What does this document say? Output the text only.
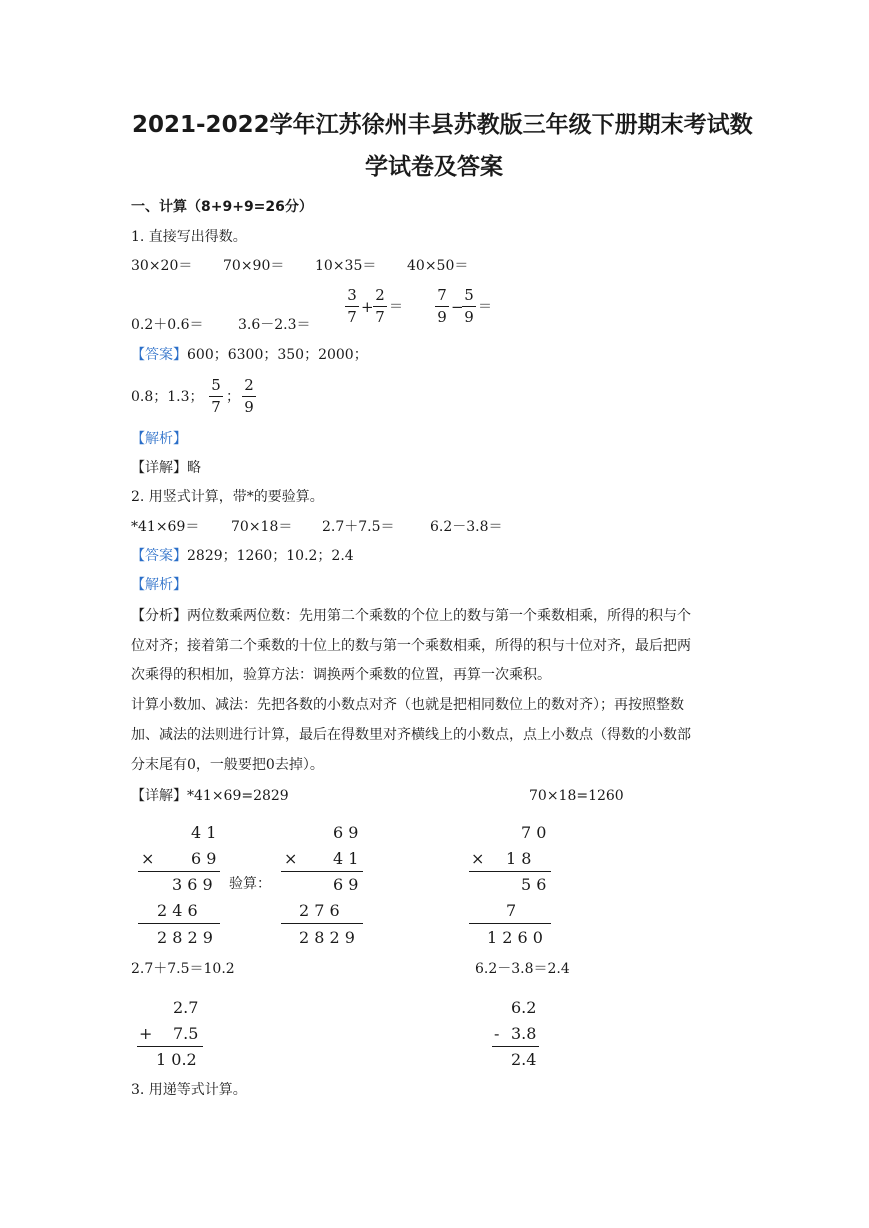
2021-2022学年江苏徐州丰县苏教版三年级下册期末考试数
学试卷及答案
一、计算（8+9+9=26分）
1. 直接写出得数。
30×20＝ 70×90＝ 10×35＝ 40×50＝
0.2＋0.6＝ 3.6－2.3＝
3
7
+
2
7
＝
7
9
−
5
9
＝
【答案】600；6300；350；2000；
0.8；1.3；
5
7
；
2
9
【解析】
【详解】略
2. 用竖式计算，带*的要验算。
*41×69＝ 70×18＝ 2.7＋7.5＝	6.2－3.8＝
【答案】2829；1260；10.2；2.4
【解析】
【分析】两位数乘两位数：先用第二个乘数的个位上的数与第一个乘数相乘，所得的积与个
位对齐；接着第二个乘数的十位上的数与第一个乘数相乘，所得的积与十位对齐，最后把两
次乘得的积相加，验算方法：调换两个乘数的位置，再算一次乘积。
计算小数加、减法：先把各数的小数点对齐（也就是把相同数位上的数对齐）；再按照整数
加、减法的法则进行计算，最后在得数里对齐横线上的小数点，点上小数点（得数的小数部
分末尾有0，一般要把0去掉）。
【详解】*41×69=2829	70×18=1260
4 1
× 6 9
3 6 9
2 4 6
2 8 2 9
验算：
6 9
× 4 1
6 9
2 7 6
2 8 2 9
7 0
× 1 8
5 6
7
1 2 6 0
2.7＋7.5＝10.2	6.2－3.8＝2.4
2.7
+ 7.5
1 0.2
6.2
- 3.8
2.4
3. 用递等式计算。
